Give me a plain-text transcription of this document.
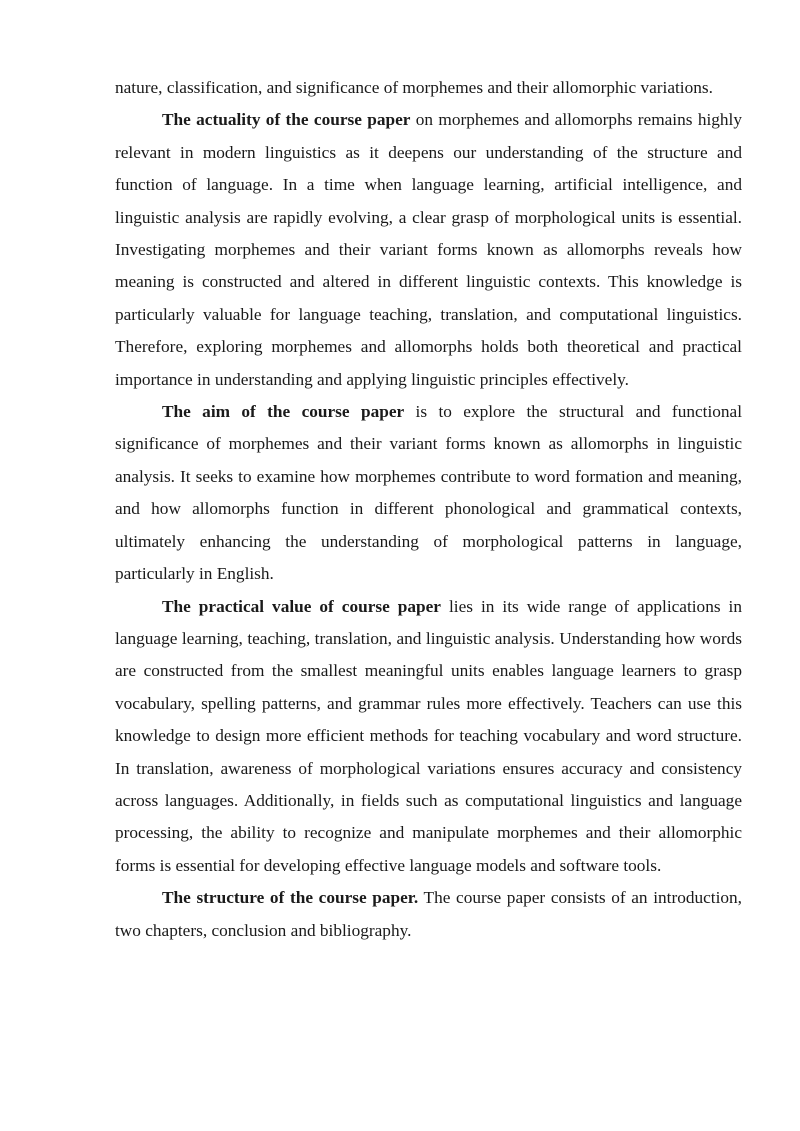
nature, classification, and significance of morphemes and their allomorphic variations.

The actuality of the course paper on morphemes and allomorphs remains highly relevant in modern linguistics as it deepens our understanding of the structure and function of language. In a time when language learning, artificial intelligence, and linguistic analysis are rapidly evolving, a clear grasp of morphological units is essential. Investigating morphemes and their variant forms known as allomorphs reveals how meaning is constructed and altered in different linguistic contexts. This knowledge is particularly valuable for language teaching, translation, and computational linguistics. Therefore, exploring morphemes and allomorphs holds both theoretical and practical importance in understanding and applying linguistic principles effectively.

The aim of the course paper is to explore the structural and functional significance of morphemes and their variant forms known as allomorphs in linguistic analysis. It seeks to examine how morphemes contribute to word formation and meaning, and how allomorphs function in different phonological and grammatical contexts, ultimately enhancing the understanding of morphological patterns in language, particularly in English.

The practical value of course paper lies in its wide range of applications in language learning, teaching, translation, and linguistic analysis. Understanding how words are constructed from the smallest meaningful units enables language learners to grasp vocabulary, spelling patterns, and grammar rules more effectively. Teachers can use this knowledge to design more efficient methods for teaching vocabulary and word structure. In translation, awareness of morphological variations ensures accuracy and consistency across languages. Additionally, in fields such as computational linguistics and language processing, the ability to recognize and manipulate morphemes and their allomorphic forms is essential for developing effective language models and software tools.

The structure of the course paper. The course paper consists of an introduction, two chapters, conclusion and bibliography.
